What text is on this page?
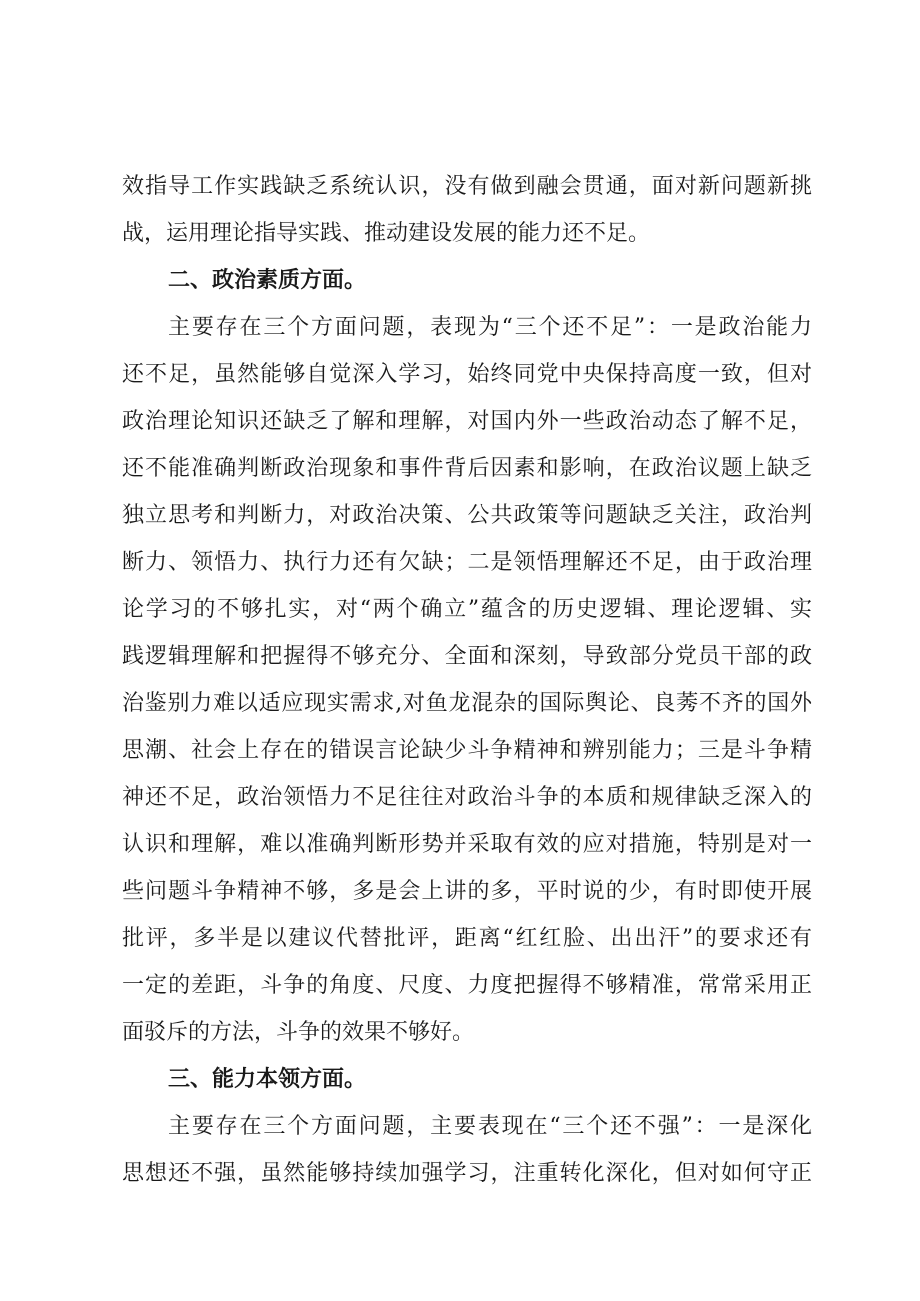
效指导工作实践缺乏系统认识，没有做到融会贯通，面对新问题新挑
战，运用理论指导实践、推动建设发展的能力还不足。
二、政治素质方面。
主要存在三个方面问题，表现为“三个还不足”：一是政治能力
还不足，虽然能够自觉深入学习，始终同党中央保持高度一致，但对
政治理论知识还缺乏了解和理解，对国内外一些政治动态了解不足，
还不能准确判断政治现象和事件背后因素和影响，在政治议题上缺乏
独立思考和判断力，对政治决策、公共政策等问题缺乏关注，政治判
断力、领悟力、执行力还有欠缺；二是领悟理解还不足，由于政治理
论学习的不够扎实，对“两个确立”蕴含的历史逻辑、理论逻辑、实
践逻辑理解和把握得不够充分、全面和深刻，导致部分党员干部的政
治鉴别力难以适应现实需求,对鱼龙混杂的国际舆论、良莠不齐的国外
思潮、社会上存在的错误言论缺少斗争精神和辨别能力；三是斗争精
神还不足，政治领悟力不足往往对政治斗争的本质和规律缺乏深入的
认识和理解，难以准确判断形势并采取有效的应对措施，特别是对一
些问题斗争精神不够，多是会上讲的多，平时说的少，有时即使开展
批评，多半是以建议代替批评，距离“红红脸、出出汗”的要求还有
一定的差距，斗争的角度、尺度、力度把握得不够精准，常常采用正
面驳斥的方法，斗争的效果不够好。
三、能力本领方面。
主要存在三个方面问题，主要表现在“三个还不强”：一是深化
思想还不强，虽然能够持续加强学习，注重转化深化，但对如何守正
